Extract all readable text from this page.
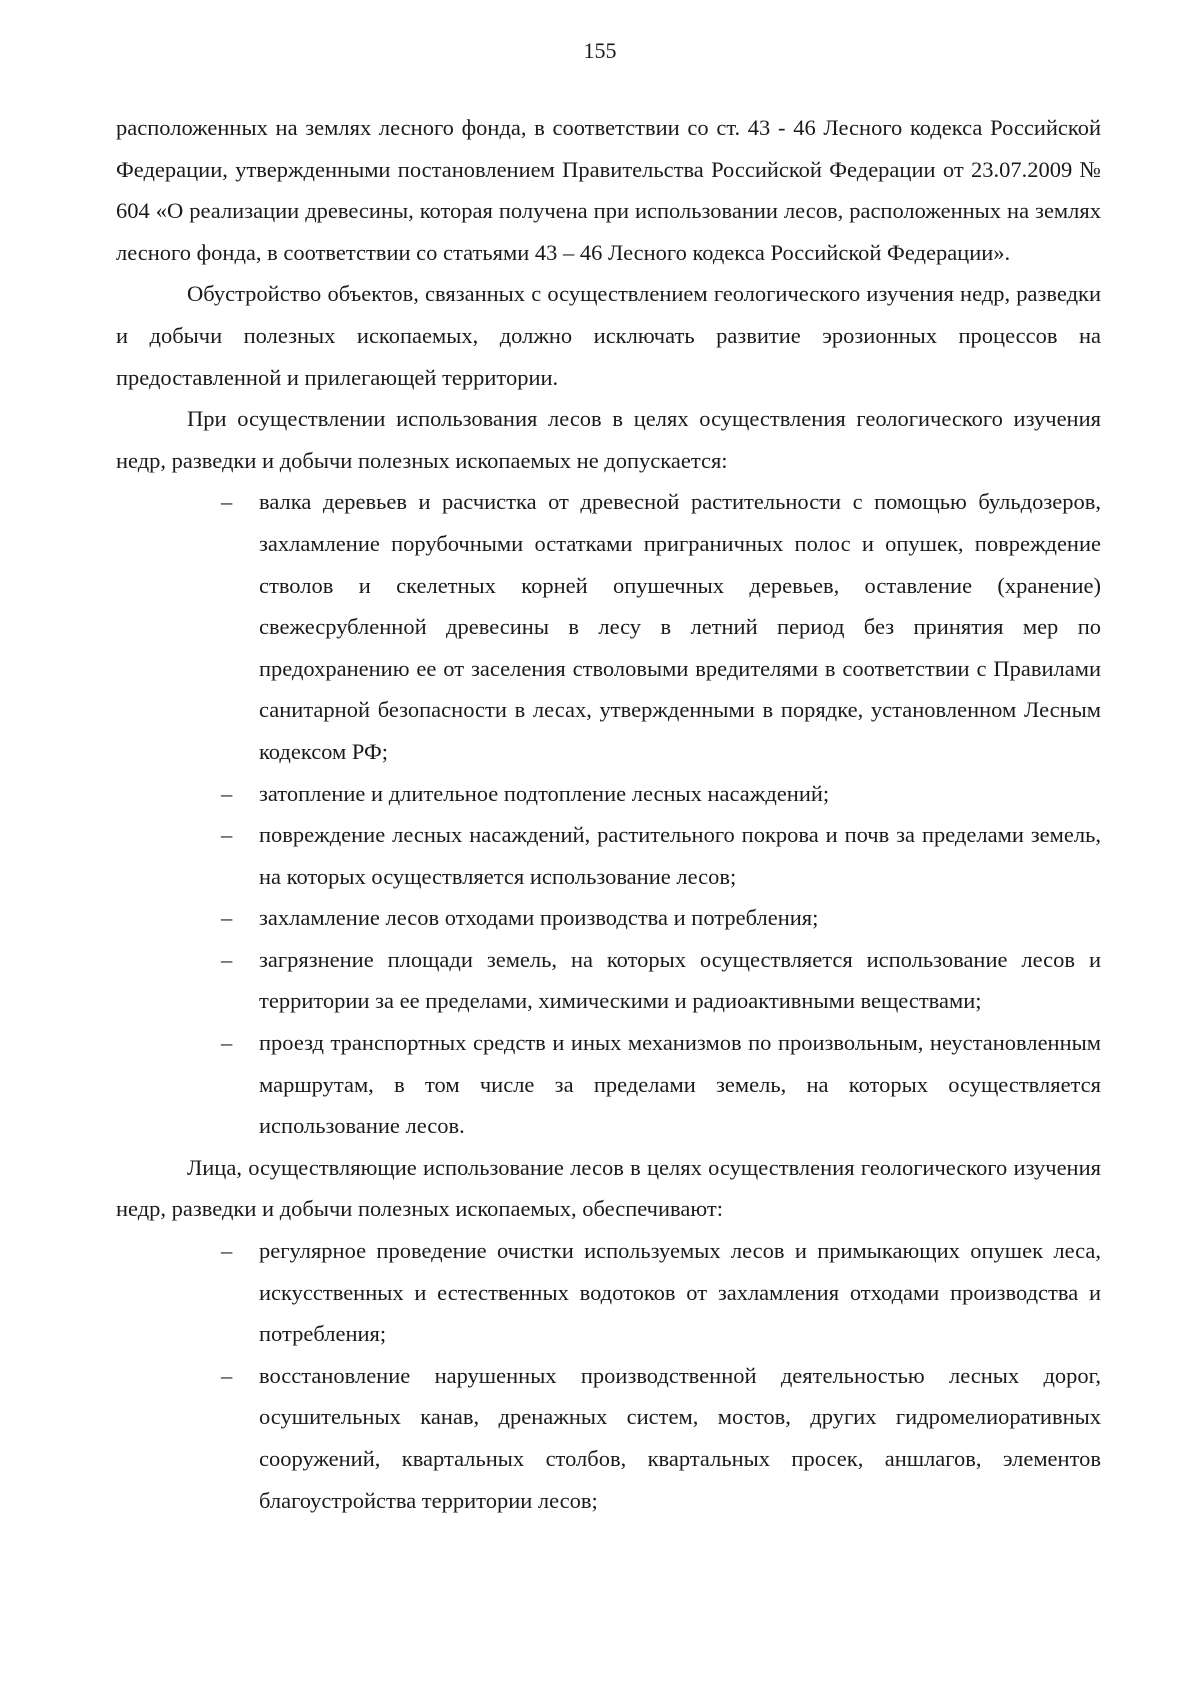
155

расположенных на землях лесного фонда, в соответствии со ст. 43 - 46 Лесного кодекса Российской Федерации, утвержденными постановлением Правительства Российской Федерации от 23.07.2009 № 604 «О реализации древесины, которая получена при использовании лесов, расположенных на землях лесного фонда, в соответствии со статьями 43 – 46 Лесного кодекса Российской Федерации».

Обустройство объектов, связанных с осуществлением геологического изучения недр, разведки и добычи полезных ископаемых, должно исключать развитие эрозионных процессов на предоставленной и прилегающей территории.

При осуществлении использования лесов в целях осуществления геологического изучения недр, разведки и добычи полезных ископаемых не допускается:

– валка деревьев и расчистка от древесной растительности с помощью бульдозеров, захламление порубочными остатками приграничных полос и опушек, повреждение стволов и скелетных корней опушечных деревьев, оставление (хранение) свежесрубленной древесины в лесу в летний период без принятия мер по предохранению ее от заселения стволовыми вредителями в соответствии с Правилами санитарной безопасности в лесах, утвержденными в порядке, установленном Лесным кодексом РФ;
– затопление и длительное подтопление лесных насаждений;
– повреждение лесных насаждений, растительного покрова и почв за пределами земель, на которых осуществляется использование лесов;
– захламление лесов отходами производства и потребления;
– загрязнение площади земель, на которых осуществляется использование лесов и территории за ее пределами, химическими и радиоактивными веществами;
– проезд транспортных средств и иных механизмов по произвольным, неустановленным маршрутам, в том числе за пределами земель, на которых осуществляется использование лесов.

Лица, осуществляющие использование лесов в целях осуществления геологического изучения недр, разведки и добычи полезных ископаемых, обеспечивают:

– регулярное проведение очистки используемых лесов и примыкающих опушек леса, искусственных и естественных водотоков от захламления отходами производства и потребления;
– восстановление нарушенных производственной деятельностью лесных дорог, осушительных канав, дренажных систем, мостов, других гидромелиоративных сооружений, квартальных столбов, квартальных просек, аншлагов, элементов благоустройства территории лесов;
